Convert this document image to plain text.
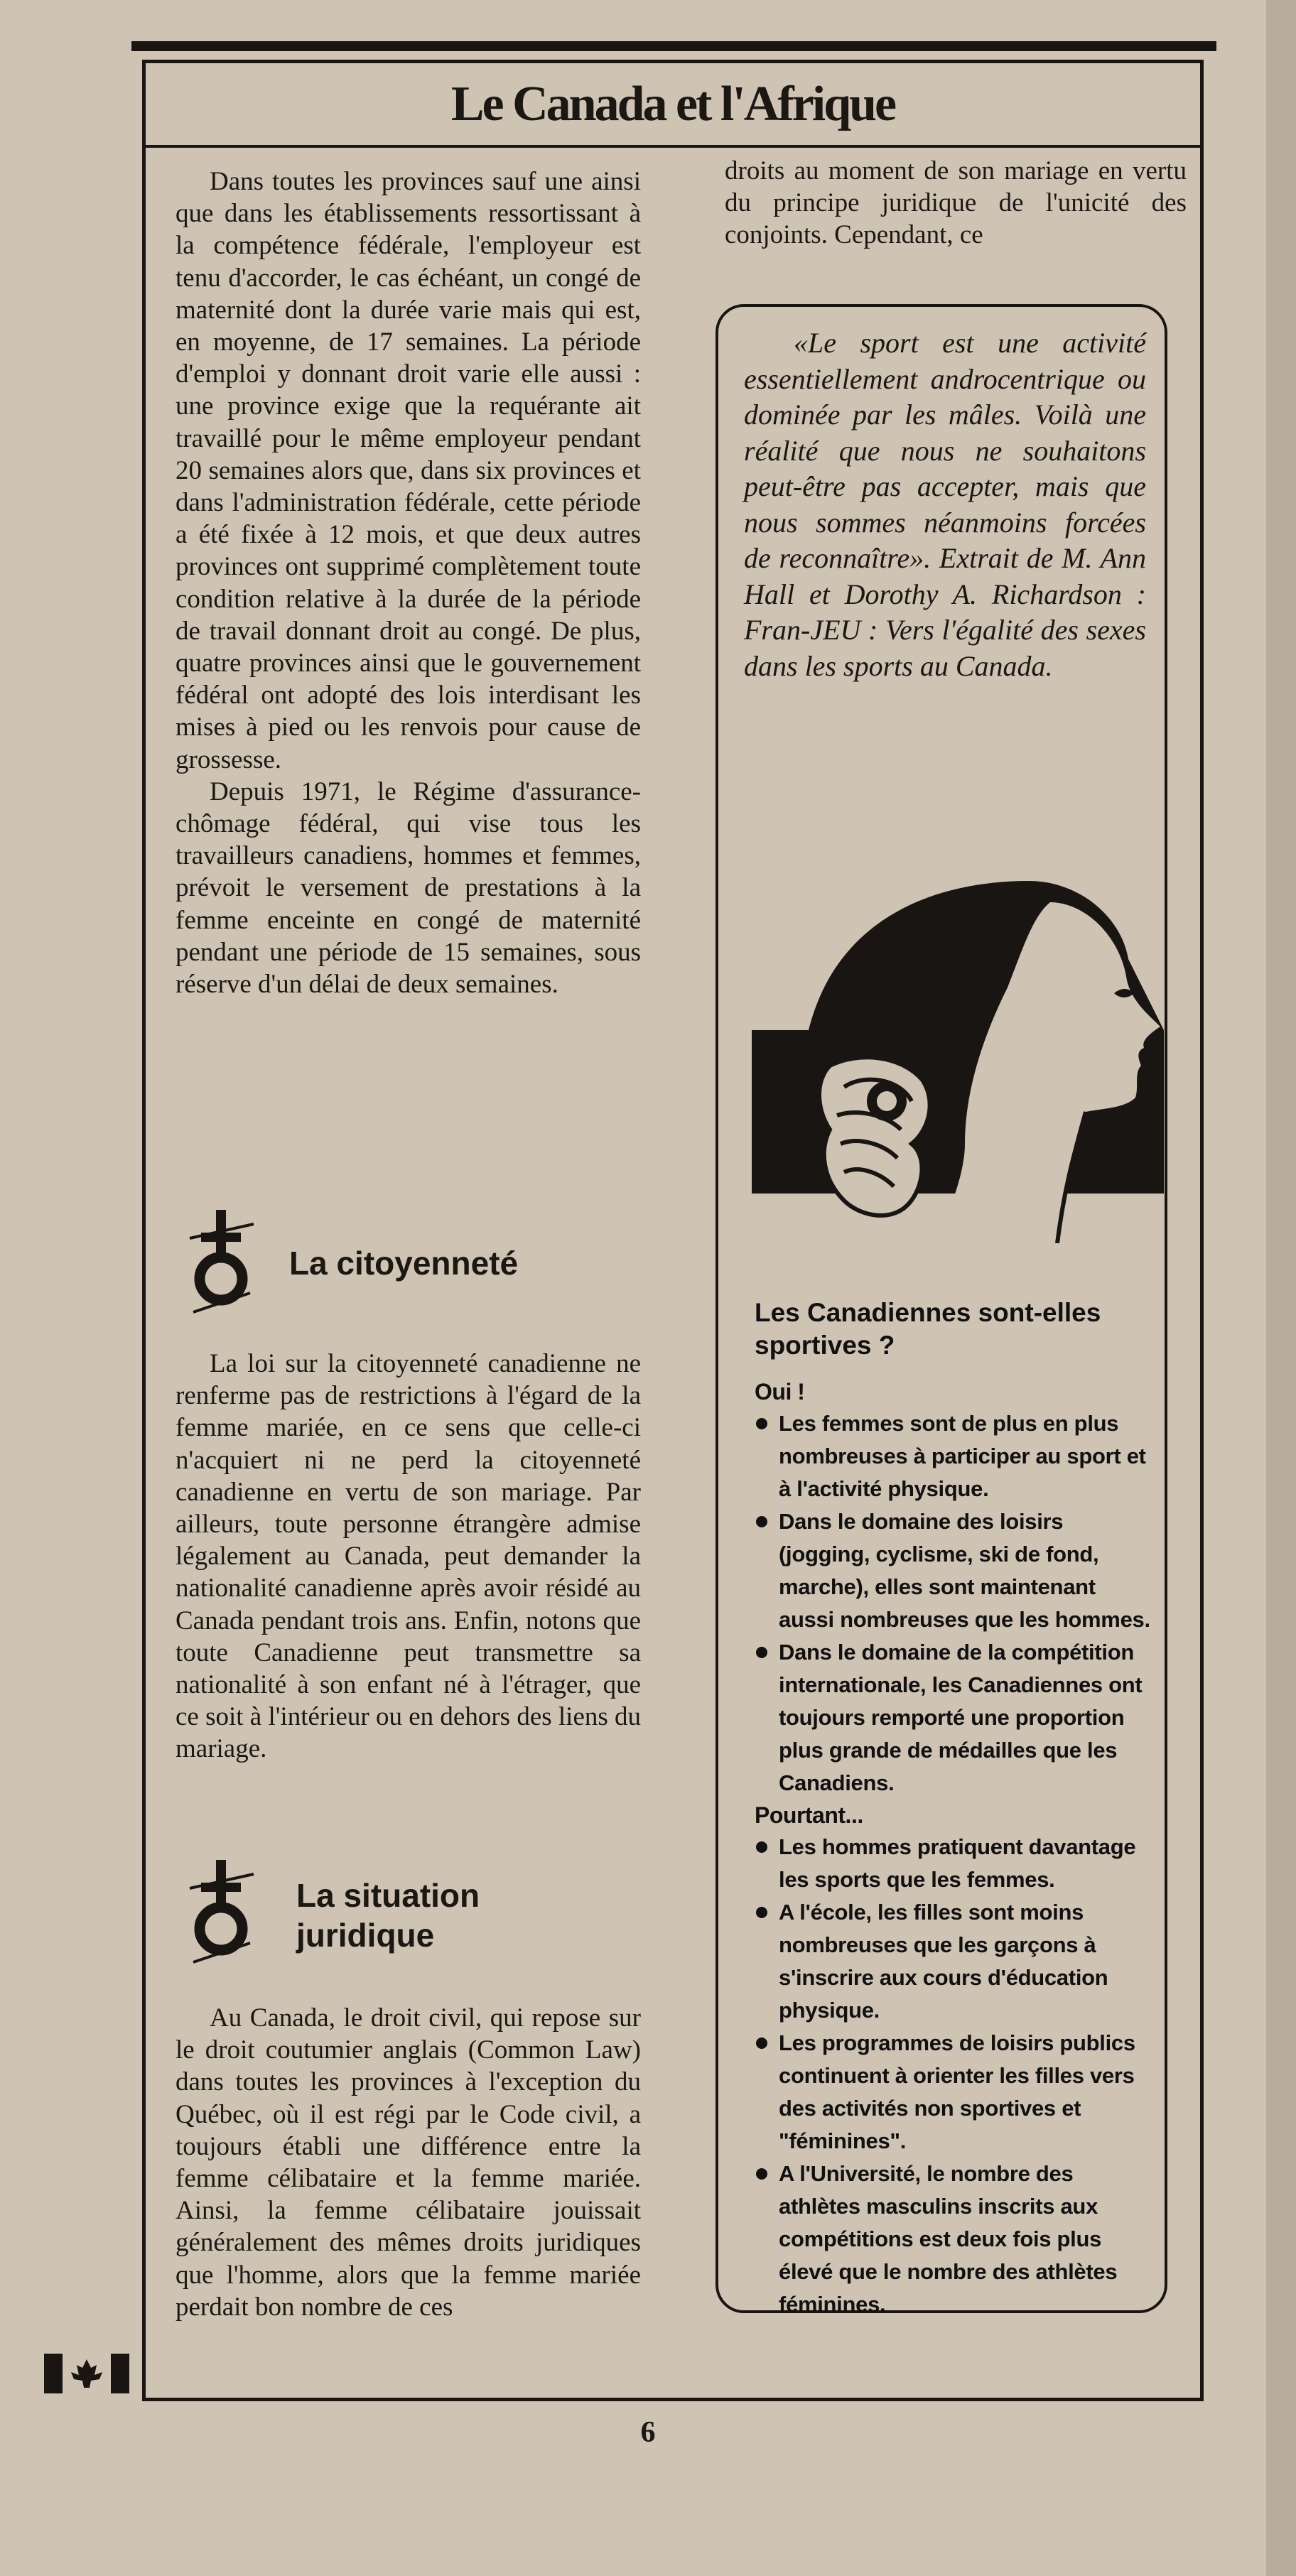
Le Canada et l'Afrique

Dans toutes les provinces sauf une ainsi que dans les établissements ressortissant à la compétence fédérale, l'employeur est tenu d'accorder, le cas échéant, un congé de maternité dont la durée varie mais qui est, en moyenne, de 17 semaines. La période d'emploi y donnant droit varie elle aussi : une province exige que la requérante ait travaillé pour le même employeur pendant 20 semaines alors que, dans six provinces et dans l'administration fédérale, cette période a été fixée à 12 mois, et que deux autres provinces ont supprimé complètement toute condition relative à la durée de la période de travail donnant droit au congé. De plus, quatre provinces ainsi que le gouvernement fédéral ont adopté des lois interdisant les mises à pied ou les renvois pour cause de grossesse.

Depuis 1971, le Régime d'assurance-chômage fédéral, qui vise tous les travailleurs canadiens, hommes et femmes, prévoit le versement de prestations à la femme enceinte en congé de maternité pendant une période de 15 semaines, sous réserve d'un délai de deux semaines.

La citoyenneté

La loi sur la citoyenneté canadienne ne renferme pas de restrictions à l'égard de la femme mariée, en ce sens que celle-ci n'acquiert ni ne perd la citoyenneté canadienne en vertu de son mariage. Par ailleurs, toute personne étrangère admise légalement au Canada, peut demander la nationalité canadienne après avoir résidé au Canada pendant trois ans. Enfin, notons que toute Canadienne peut transmettre sa nationalité à son enfant né à l'étrager, que ce soit à l'intérieur ou en dehors des liens du mariage.

La situation
juridique

Au Canada, le droit civil, qui repose sur le droit coutumier anglais (Common Law) dans toutes les provinces à l'exception du Québec, où il est régi par le Code civil, a toujours établi une différence entre la femme célibataire et la femme mariée. Ainsi, la femme célibataire jouissait généralement des mêmes droits juridiques que l'homme, alors que la femme mariée perdait bon nombre de ces

droits au moment de son mariage en vertu du principe juridique de l'unicité des conjoints. Cependant, ce

«Le sport est une activité essentiellement androcentrique ou dominée par les mâles. Voilà une réalité que nous ne souhaitons peut-être pas accepter, mais que nous sommes néanmoins forcées de reconnaître». Extrait de M. Ann Hall et Dorothy A. Richardson : Fran-JEU : Vers l'égalité des sexes dans les sports au Canada.
Les Canadiennes sont-elles sportives ?
Oui !
Les femmes sont de plus en plus nombreuses à participer au sport et à l'activité physique.
Dans le domaine des loisirs (jogging, cyclisme, ski de fond, marche), elles sont maintenant aussi nombreuses que les hommes.
Dans le domaine de la compétition internationale, les Canadiennes ont toujours remporté une proportion plus grande de médailles que les Canadiens.
Pourtant...
Les hommes pratiquent davantage les sports que les femmes.
A l'école, les filles sont moins nombreuses que les garçons à s'inscrire aux cours d'éducation physique.
Les programmes de loisirs publics continuent à orienter les filles vers des activités non sportives et "féminines".
A l'Université, le nombre des athlètes masculins inscrits aux compétitions est deux fois plus élevé que le nombre des athlètes féminines.
6
